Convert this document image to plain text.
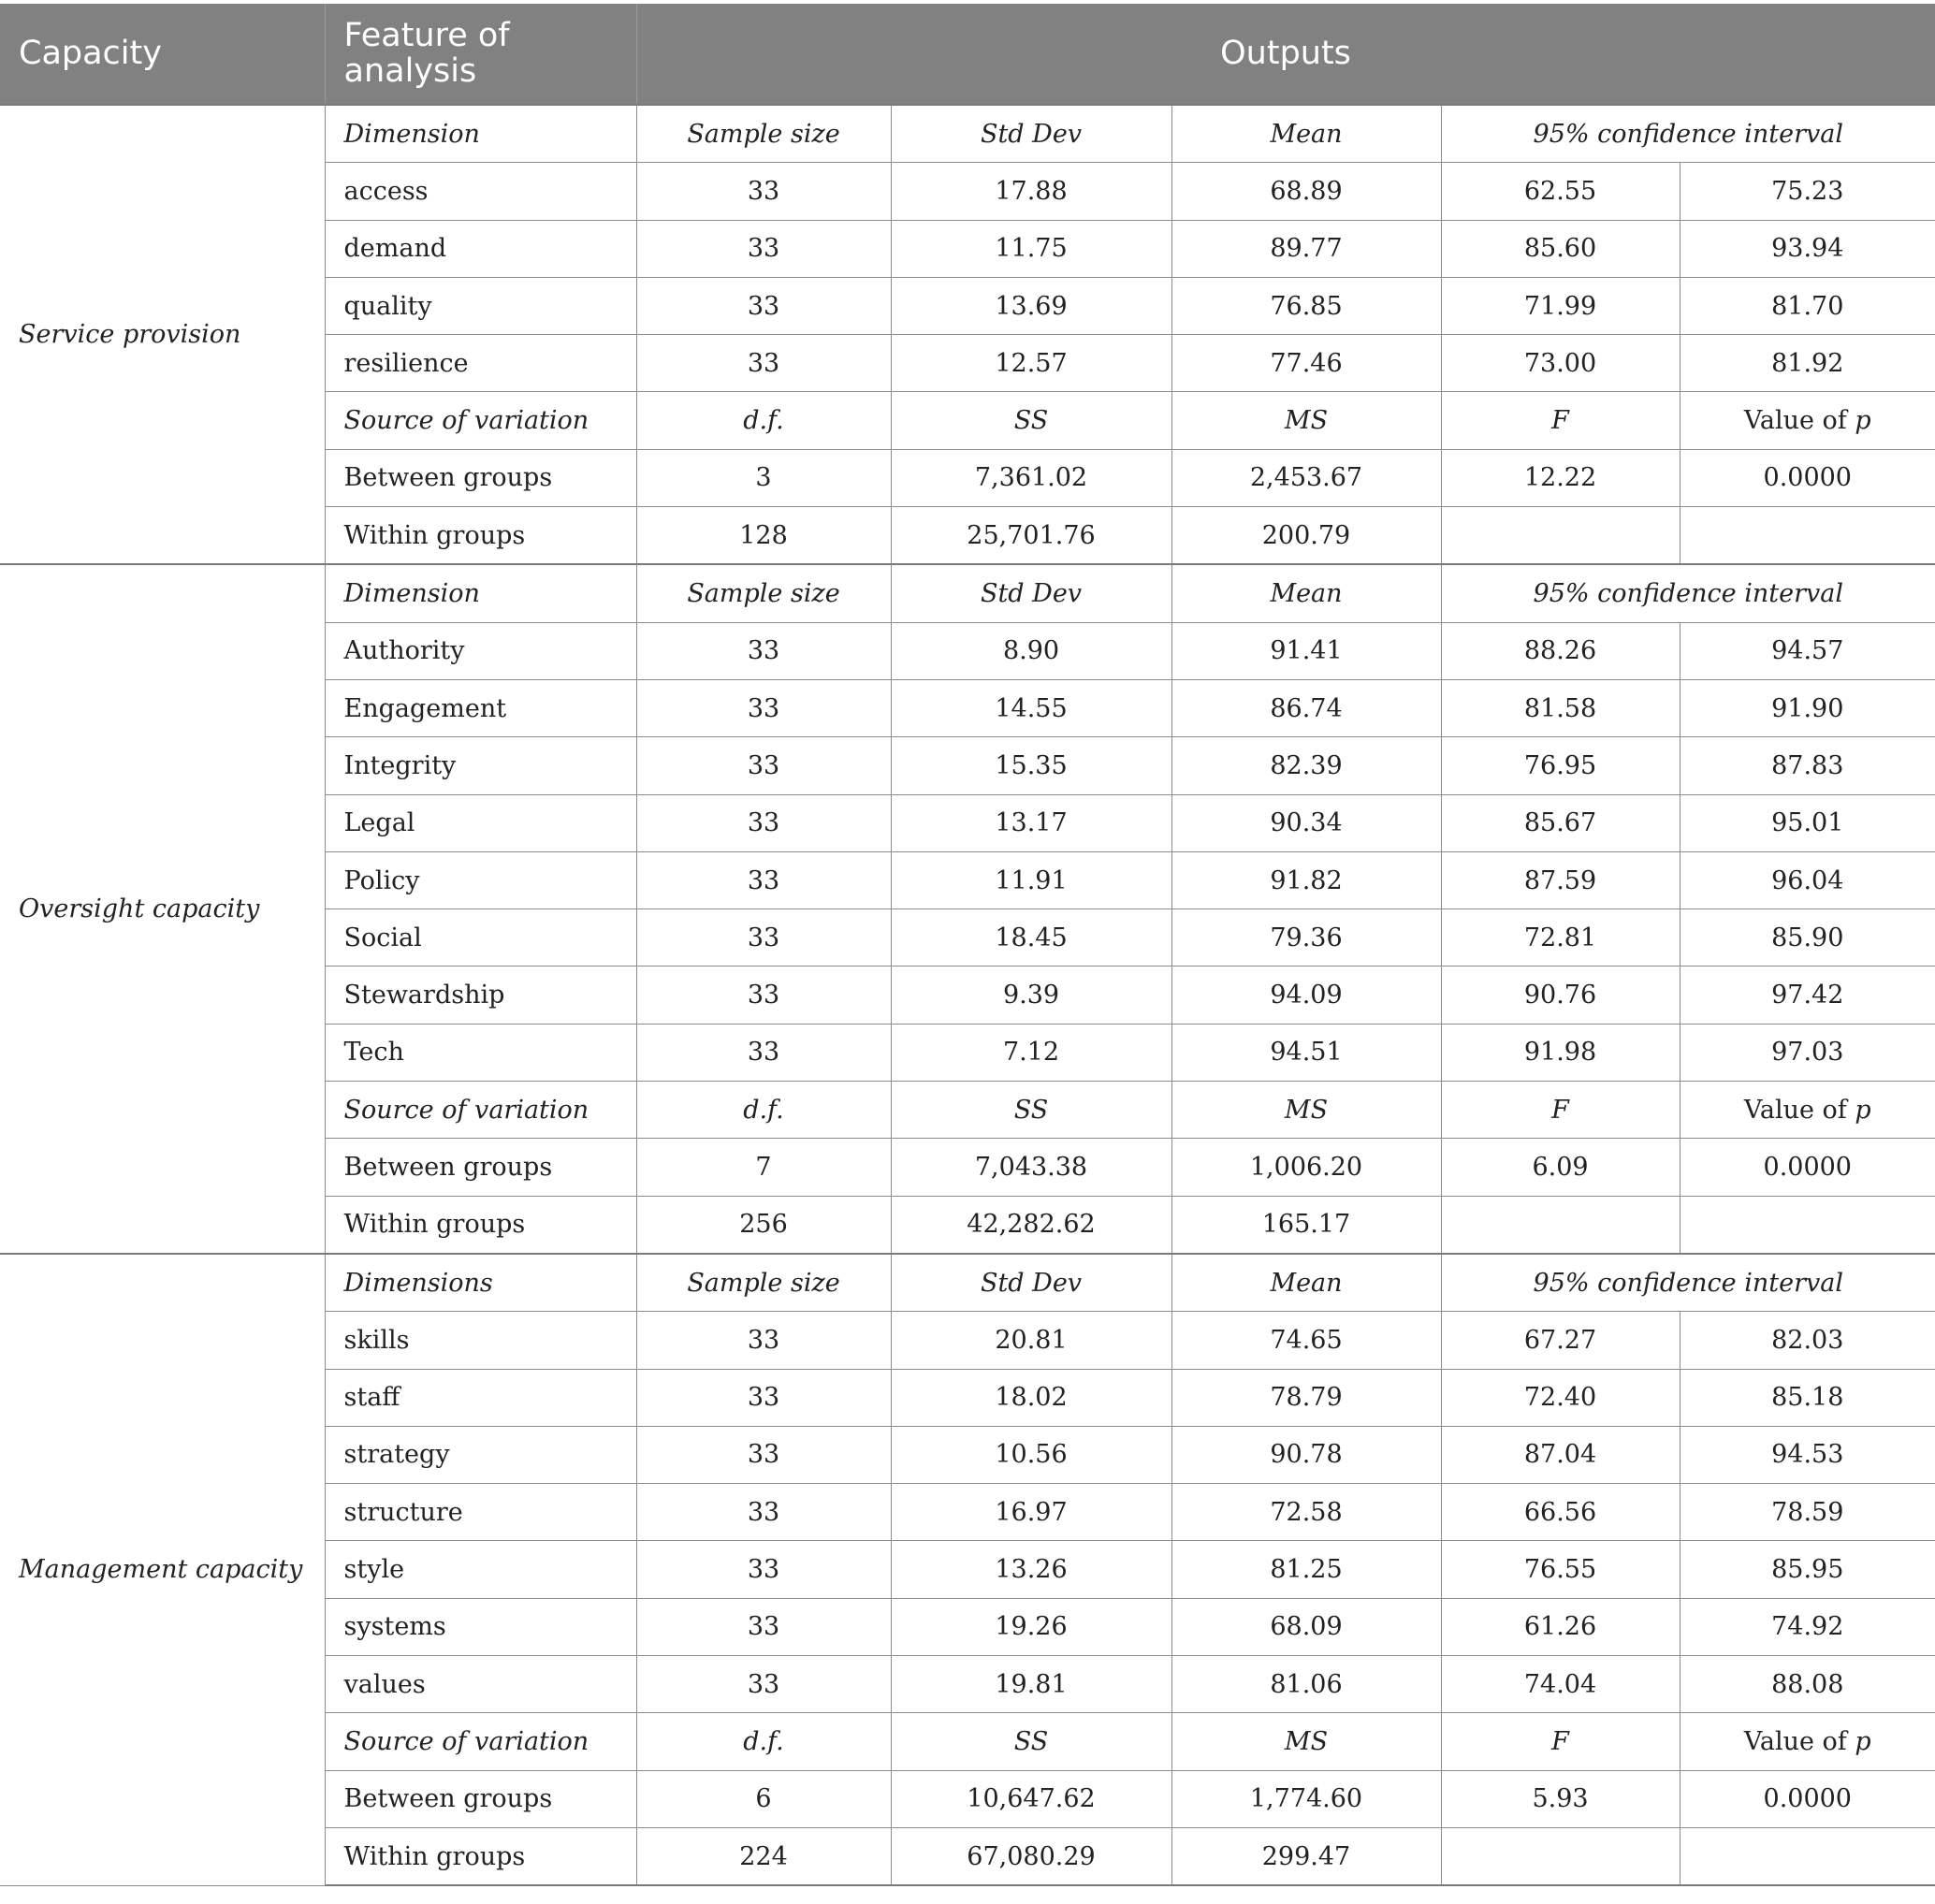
Capacity	Feature of analysis	Outputs				
Service provision	Dimension	Sample size	Std Dev	Mean	95% confidence interval	
	access	33	17.88	68.89	62.55	75.23
	demand	33	11.75	89.77	85.60	93.94
	quality	33	13.69	76.85	71.99	81.70
	resilience	33	12.57	77.46	73.00	81.92
	Source of variation	d.f.	SS	MS	F	Value of p
	Between groups	3	7,361.02	2,453.67	12.22	0.0000
	Within groups	128	25,701.76	200.79		
Oversight capacity	Dimension	Sample size	Std Dev	Mean	95% confidence interval	
	Authority	33	8.90	91.41	88.26	94.57
	Engagement	33	14.55	86.74	81.58	91.90
	Integrity	33	15.35	82.39	76.95	87.83
	Legal	33	13.17	90.34	85.67	95.01
	Policy	33	11.91	91.82	87.59	96.04
	Social	33	18.45	79.36	72.81	85.90
	Stewardship	33	9.39	94.09	90.76	97.42
	Tech	33	7.12	94.51	91.98	97.03
	Source of variation	d.f.	SS	MS	F	Value of p
	Between groups	7	7,043.38	1,006.20	6.09	0.0000
	Within groups	256	42,282.62	165.17		
Management capacity	Dimensions	Sample size	Std Dev	Mean	95% confidence interval	
	skills	33	20.81	74.65	67.27	82.03
	staff	33	18.02	78.79	72.40	85.18
	strategy	33	10.56	90.78	87.04	94.53
	structure	33	16.97	72.58	66.56	78.59
	style	33	13.26	81.25	76.55	85.95
	systems	33	19.26	68.09	61.26	74.92
	values	33	19.81	81.06	74.04	88.08
	Source of variation	d.f.	SS	MS	F	Value of p
	Between groups	6	10,647.62	1,774.60	5.93	0.0000
	Within groups	224	67,080.29	299.47		
